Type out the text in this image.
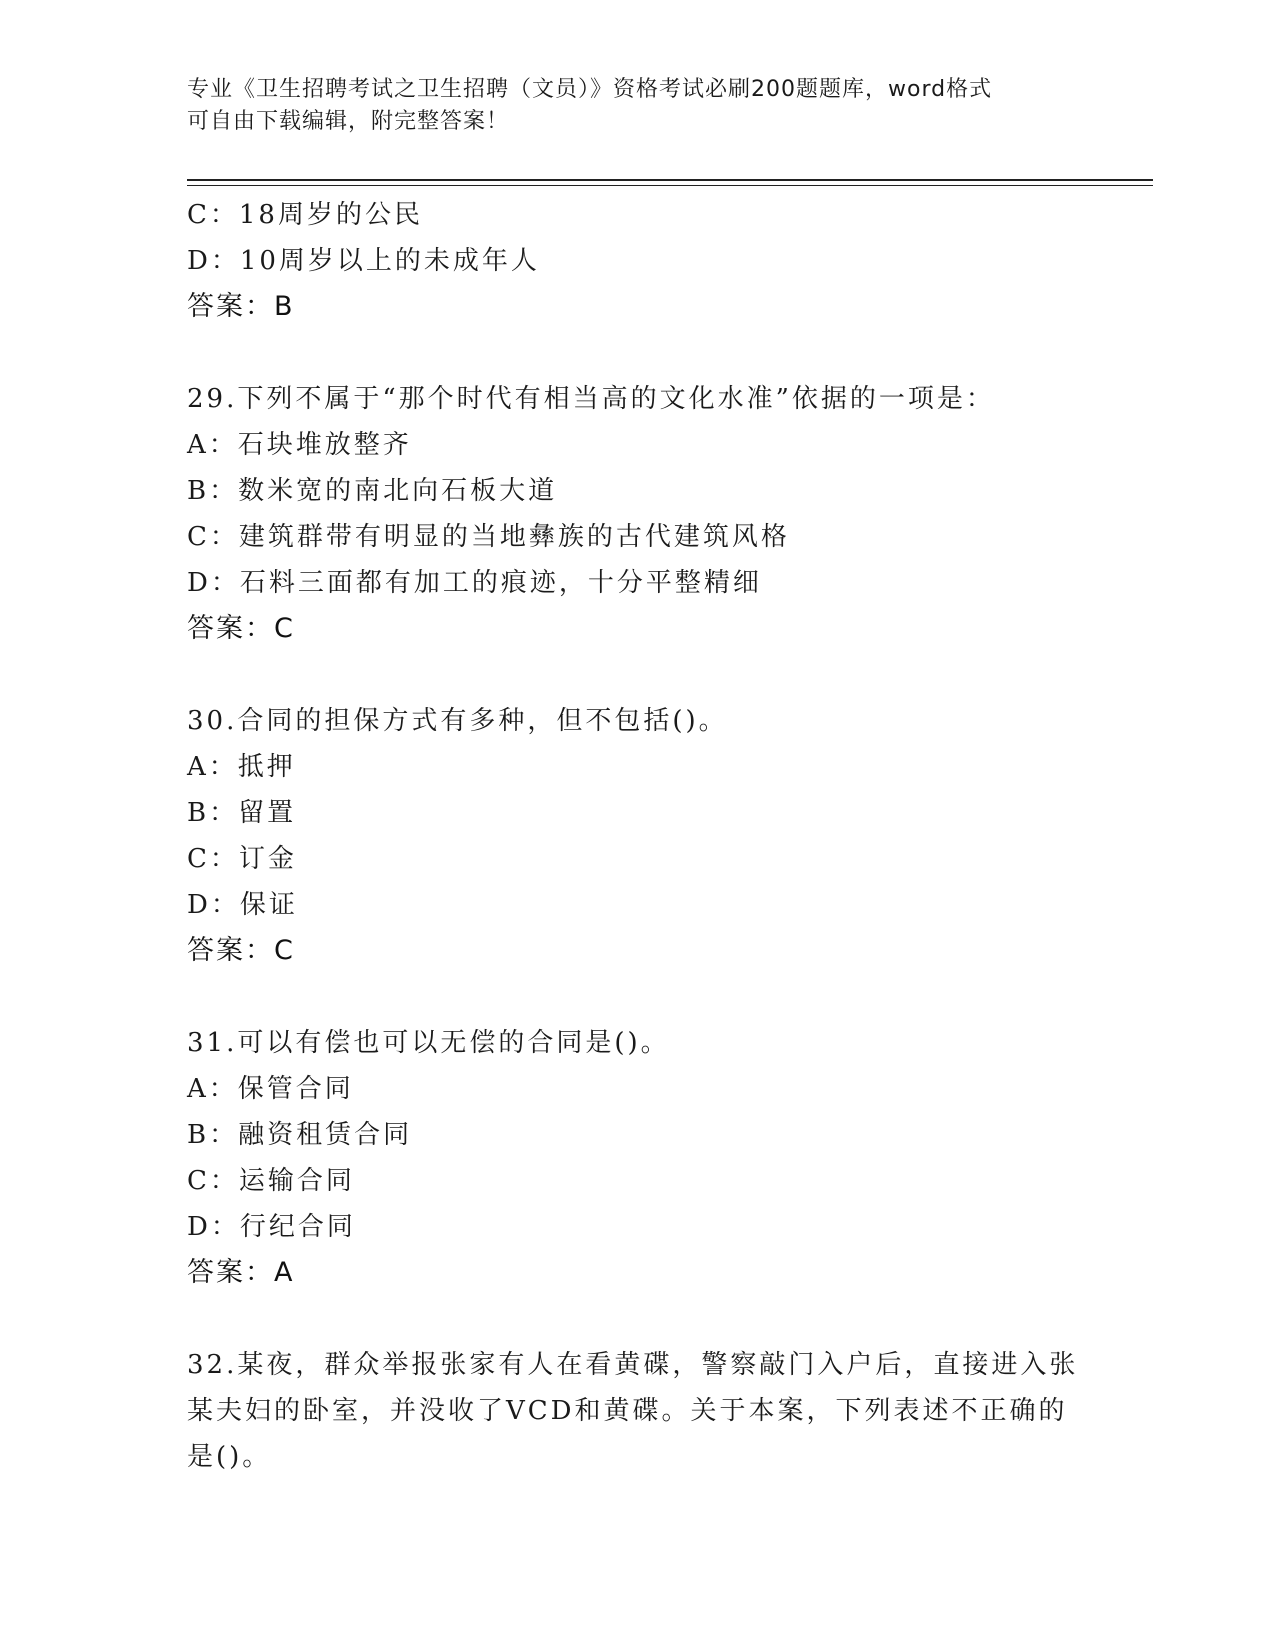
专业《卫生招聘考试之卫生招聘（文员）》资格考试必刷200题题库，word格式
可自由下载编辑，附完整答案！
C：18周岁的公民
D：10周岁以上的未成年人
答案：B
29.下列不属于“那个时代有相当高的文化水准”依据的一项是：
A：石块堆放整齐
B：数米宽的南北向石板大道
C：建筑群带有明显的当地彝族的古代建筑风格
D：石料三面都有加工的痕迹，十分平整精细
答案：C
30.合同的担保方式有多种，但不包括()。
A：抵押
B：留置
C：订金
D：保证
答案：C
31.可以有偿也可以无偿的合同是()。
A：保管合同
B：融资租赁合同
C：运输合同
D：行纪合同
答案：A
32.某夜，群众举报张家有人在看黄碟，警察敲门入户后，直接进入张
某夫妇的卧室，并没收了VCD和黄碟。关于本案，下列表述不正确的
是()。
